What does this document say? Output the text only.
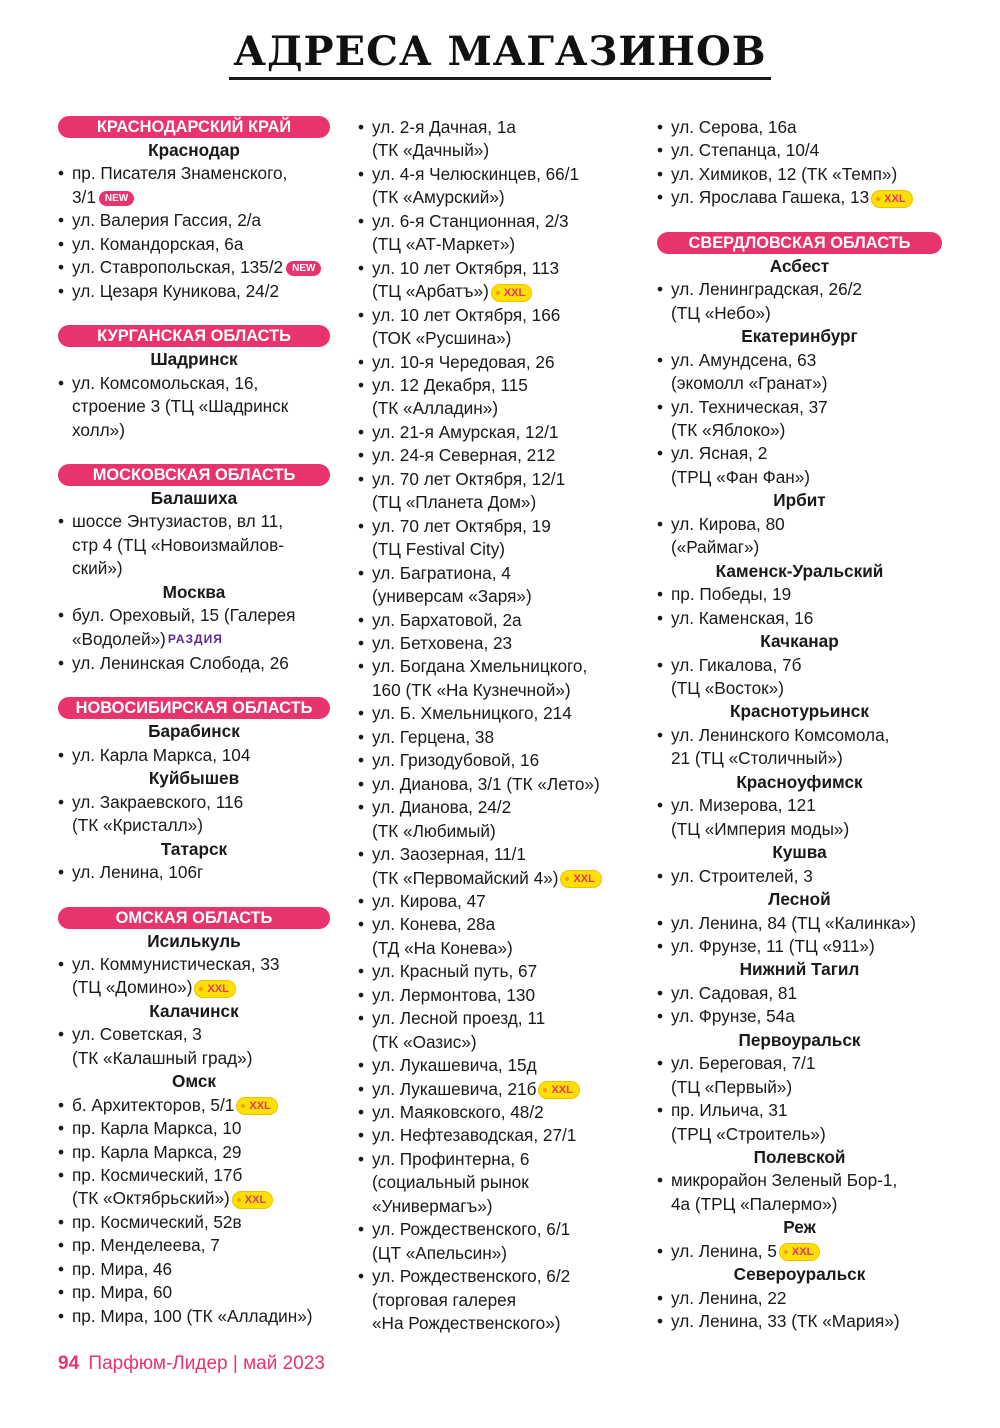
АДРЕСА МАГАЗИНОВ
КРАСНОДАРСКИЙ КРАЙ
Краснодар
• пр. Писателя Знаменского,
3/1 NEW
• ул. Валерия Гассия, 2/а
• ул. Командорская, 6а
• ул. Ставропольская, 135/2 NEW
• ул. Цезаря Куникова, 24/2
КУРГАНСКАЯ ОБЛАСТЬ
Шадринск
• ул. Комсомольская, 16,
строение 3 (ТЦ «Шадринск
холл»)
МОСКОВСКАЯ ОБЛАСТЬ
Балашиха
• шоссе Энтузиастов, вл 11,
стр 4 (ТЦ «Новоизмайлов-
ский»)
Москва
• бул. Ореховый, 15 (Галерея
«Водолей») РАЗДИЯ
• ул. Ленинская Слобода, 26
НОВОСИБИРСКАЯ ОБЛАСТЬ
Барабинск
• ул. Карла Маркса, 104
Куйбышев
• ул. Закраевского, 116
(ТК «Кристалл»)
Татарск
• ул. Ленина, 106г
ОМСКАЯ ОБЛАСТЬ
Исилькуль
• ул. Коммунистическая, 33
(ТЦ «Домино») XXL
Калачинск
• ул. Советская, 3
(ТК «Калашный град»)
Омск
• б. Архитекторов, 5/1 XXL
• пр. Карла Маркса, 10
• пр. Карла Маркса, 29
• пр. Космический, 17б
(ТК «Октябрьский») XXL
• пр. Космический, 52в
• пр. Менделеева, 7
• пр. Мира, 46
• пр. Мира, 60
• пр. Мира, 100 (ТК «Алладин»)
• ул. 2-я Дачная, 1а
(ТК «Дачный»)
• ул. 4-я Челюскинцев, 66/1
(ТК «Амурский»)
• ул. 6-я Станционная, 2/3
(ТЦ «АТ-Маркет»)
• ул. 10 лет Октября, 113
(ТЦ «Арбатъ») XXL
• ул. 10 лет Октября, 166
(ТОК «Русшина»)
• ул. 10-я Чередовая, 26
• ул. 12 Декабря, 115
(ТК «Алладин»)
• ул. 21-я Амурская, 12/1
• ул. 24-я Северная, 212
• ул. 70 лет Октября, 12/1
(ТЦ «Планета Дом»)
• ул. 70 лет Октября, 19
(ТЦ Festival City)
• ул. Багратиона, 4
(универсам «Заря»)
• ул. Бархатовой, 2а
• ул. Бетховена, 23
• ул. Богдана Хмельницкого,
160 (ТК «На Кузнечной»)
• ул. Б. Хмельницкого, 214
• ул. Герцена, 38
• ул. Гризодубовой, 16
• ул. Дианова, 3/1 (ТК «Лето»)
• ул. Дианова, 24/2
(ТК «Любимый)
• ул. Заозерная, 11/1
(ТК «Первомайский 4») XXL
• ул. Кирова, 47
• ул. Конева, 28а
(ТД «На Конева»)
• ул. Красный путь, 67
• ул. Лермонтова, 130
• ул. Лесной проезд, 11
(ТК «Оазис»)
• ул. Лукашевича, 15д
• ул. Лукашевича, 21б XXL
• ул. Маяковского, 48/2
• ул. Нефтезаводская, 27/1
• ул. Профинтерна, 6
(социальный рынок
«Универмагъ»)
• ул. Рождественского, 6/1
(ЦТ «Апельсин»)
• ул. Рождественского, 6/2
(торговая галерея
«На Рождественского»)
• ул. Серова, 16а
• ул. Степанца, 10/4
• ул. Химиков, 12 (ТК «Темп»)
• ул. Ярослава Гашека, 13 XXL
СВЕРДЛОВСКАЯ ОБЛАСТЬ
Асбест
• ул. Ленинградская, 26/2
(ТЦ «Небо»)
Екатеринбург
• ул. Амундсена, 63
(экомолл «Гранат»)
• ул. Техническая, 37
(ТК «Яблоко»)
• ул. Ясная, 2
(ТРЦ «Фан Фан»)
Ирбит
• ул. Кирова, 80
(«Раймаг»)
Каменск-Уральский
• пр. Победы, 19
• ул. Каменская, 16
Качканар
• ул. Гикалова, 7б
(ТЦ «Восток»)
Краснотурьинск
• ул. Ленинского Комсомола,
21 (ТЦ «Столичный»)
Красноуфимск
• ул. Мизерова, 121
(ТЦ «Империя моды»)
Кушва
• ул. Строителей, 3
Лесной
• ул. Ленина, 84 (ТЦ «Калинка»)
• ул. Фрунзе, 11 (ТЦ «911»)
Нижний Тагил
• ул. Садовая, 81
• ул. Фрунзе, 54а
Первоуральск
• ул. Береговая, 7/1
(ТЦ «Первый»)
• пр. Ильича, 31
(ТРЦ «Строитель»)
Полевской
• микрорайон Зеленый Бор-1,
4а (ТРЦ «Палермо»)
Реж
• ул. Ленина, 5 XXL
Североуральск
• ул. Ленина, 22
• ул. Ленина, 33 (ТК «Мария»)
94 Парфюм-Лидер | май 2023
